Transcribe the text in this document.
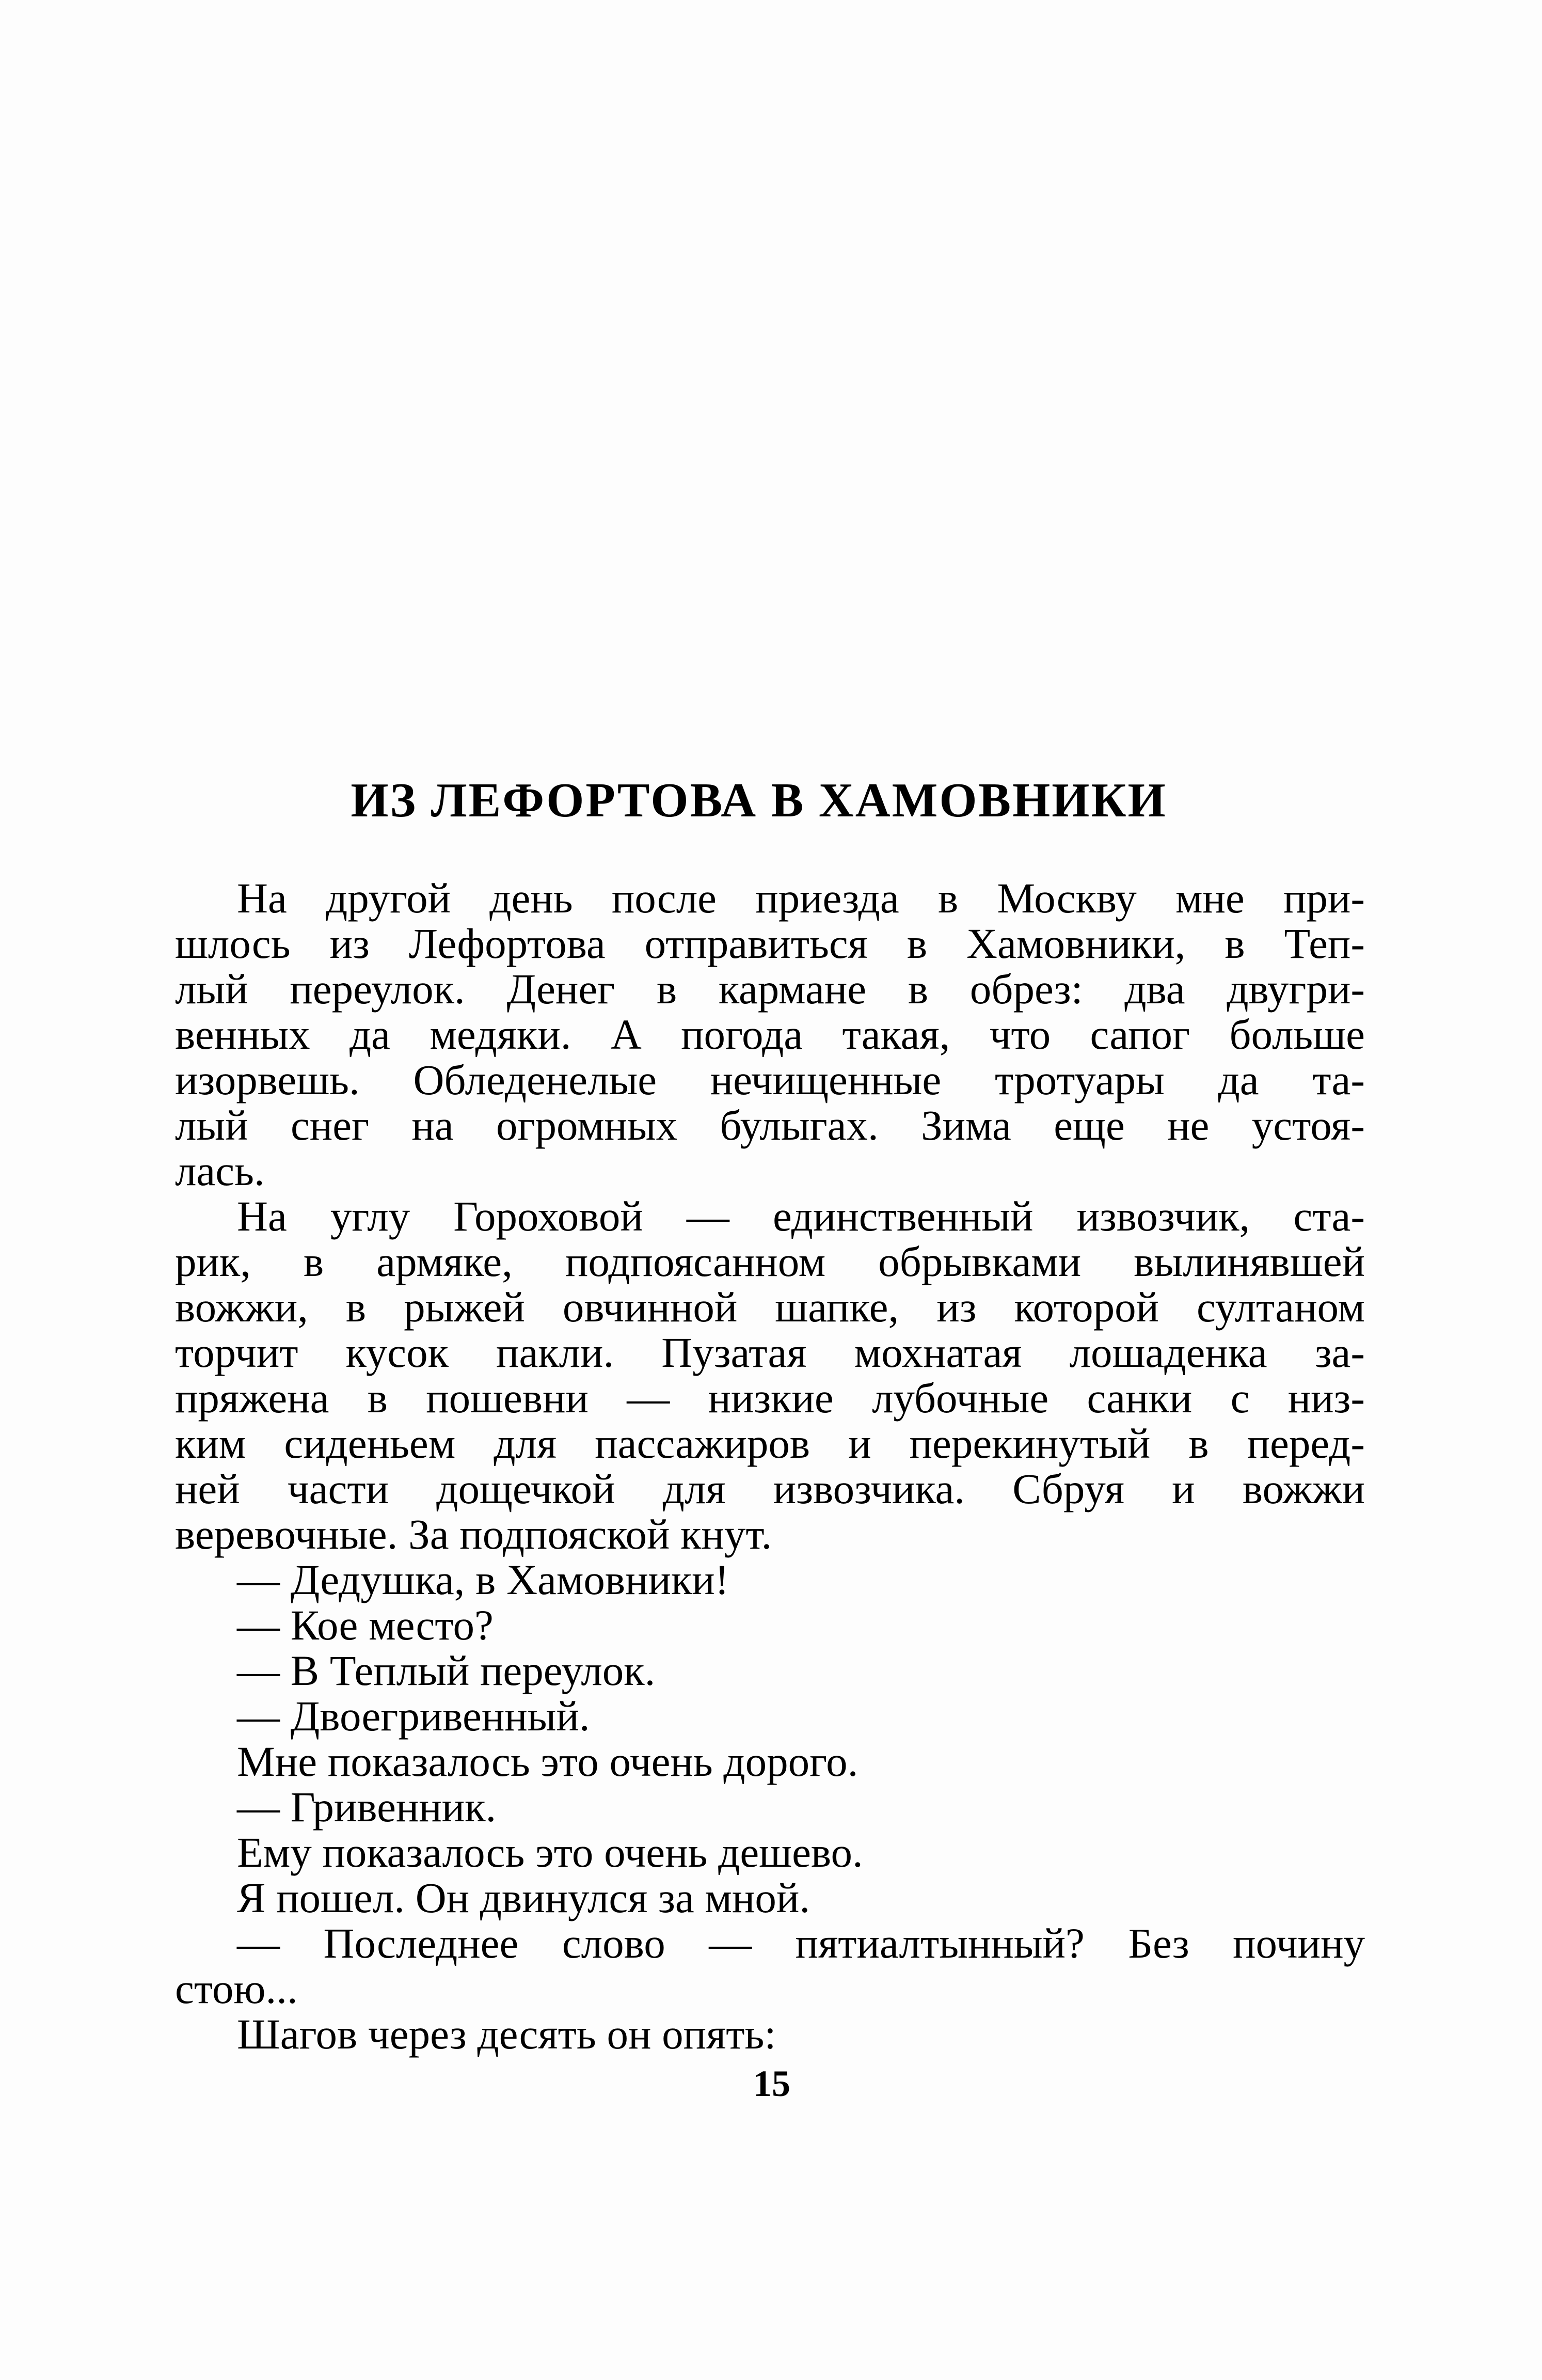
ИЗ ЛЕФОРТОВА В ХАМОВНИКИ
На другой день после приезда в Москву мне при-
шлось из Лефортова отправиться в Хамовники, в Теп-
лый переулок. Денег в кармане в обрез: два двугри-
венных да медяки. А погода такая, что сапог больше
изорвешь. Обледенелые нечищенные тротуары да та-
лый снег на огромных булыгах. Зима еще не устоя-
лась.
На углу Гороховой — единственный извозчик, ста-
рик, в армяке, подпоясанном обрывками вылинявшей
вожжи, в рыжей овчинной шапке, из которой султаном
торчит кусок пакли. Пузатая мохнатая лошаденка за-
пряжена в пошевни — низкие лубочные санки с низ-
ким сиденьем для пассажиров и перекинутый в перед-
ней части дощечкой для извозчика. Сбруя и вожжи
веревочные. За подпояской кнут.
— Дедушка, в Хамовники!
— Кое место?
— В Теплый переулок.
— Двоегривенный.
Мне показалось это очень дорого.
— Гривенник.
Ему показалось это очень дешево.
Я пошел. Он двинулся за мной.
— Последнее слово — пятиалтынный? Без почину
стою...
Шагов через десять он опять:
15
